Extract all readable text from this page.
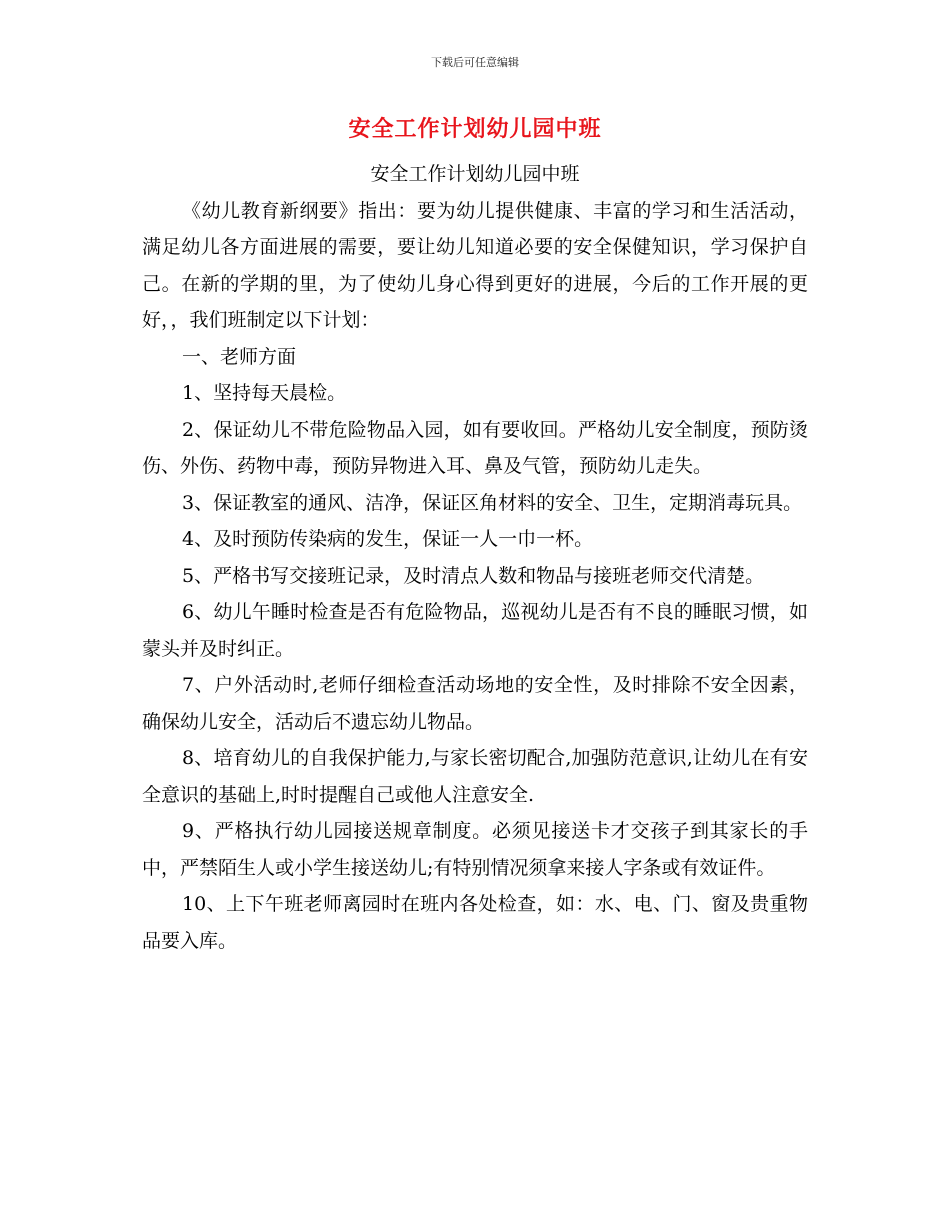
下载后可任意编辑
安全工作计划幼儿园中班

安全工作计划幼儿园中班

《幼儿教育新纲要》指出：要为幼儿提供健康、丰富的学习和生活活动，满足幼儿各方面进展的需要，要让幼儿知道必要的安全保健知识，学习保护自己。在新的学期的里，为了使幼儿身心得到更好的进展，今后的工作开展的更好，，我们班制定以下计划：

一、老师方面

1、坚持每天晨检。

2、保证幼儿不带危险物品入园，如有要收回。严格幼儿安全制度，预防烫伤、外伤、药物中毒，预防异物进入耳、鼻及气管，预防幼儿走失。

3、保证教室的通风、洁净，保证区角材料的安全、卫生，定期消毒玩具。

4、及时预防传染病的发生，保证一人一巾一杯。

5、严格书写交接班记录，及时清点人数和物品与接班老师交代清楚。

6、幼儿午睡时检查是否有危险物品，巡视幼儿是否有不良的睡眠习惯，如蒙头并及时纠正。

7、户外活动时,老师仔细检查活动场地的安全性，及时排除不安全因素，确保幼儿安全，活动后不遗忘幼儿物品。

8、培育幼儿的自我保护能力,与家长密切配合,加强防范意识,让幼儿在有安全意识的基础上,时时提醒自己或他人注意安全.

9、严格执行幼儿园接送规章制度。必须见接送卡才交孩子到其家长的手中，严禁陌生人或小学生接送幼儿;有特别情况须拿来接人字条或有效证件。

10、上下午班老师离园时在班内各处检查，如：水、电、门、窗及贵重物品要入库。
